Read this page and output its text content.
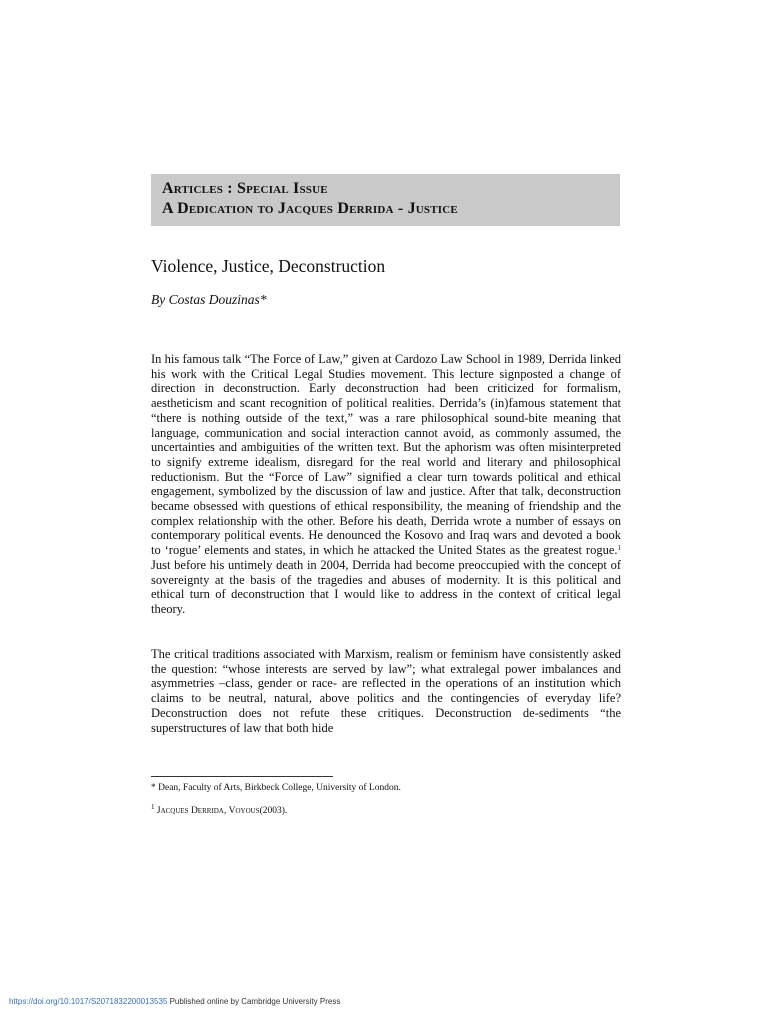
Articles : Special Issue
A Dedication to Jacques Derrida - Justice
Violence, Justice, Deconstruction
By Costas Douzinas*

In his famous talk “The Force of Law,” given at Cardozo Law School in 1989, Derrida linked his work with the Critical Legal Studies movement. This lecture signposted a change of direction in deconstruction. Early deconstruction had been criticized for formalism, aestheticism and scant recognition of political realities. Derrida’s (in)famous statement that “there is nothing outside of the text,” was a rare philosophical sound-bite meaning that language, communication and social interaction cannot avoid, as commonly assumed, the uncertainties and ambiguities of the written text. But the aphorism was often misinterpreted to signify extreme idealism, disregard for the real world and literary and philosophical reductionism. But the “Force of Law” signified a clear turn towards political and ethical engagement, symbolized by the discussion of law and justice. After that talk, deconstruction became obsessed with questions of ethical responsibility, the meaning of friendship and the complex relationship with the other. Before his death, Derrida wrote a number of essays on contemporary political events. He denounced the Kosovo and Iraq wars and devoted a book to ‘rogue’ elements and states, in which he attacked the United States as the greatest rogue.$^1$ Just before his untimely death in 2004, Derrida had become preoccupied with the concept of sovereignty at the basis of the tragedies and abuses of modernity. It is this political and ethical turn of deconstruction that I would like to address in the context of critical legal theory.

The critical traditions associated with Marxism, realism or feminism have consistently asked the question: “whose interests are served by law”; what extralegal power imbalances and asymmetries –class, gender or race- are reflected in the operations of an institution which claims to be neutral, natural, above politics and the contingencies of everyday life? Deconstruction does not refute these critiques. Deconstruction de-sediments “the superstructures of law that both hide

* Dean, Faculty of Arts, Birkbeck College, University of London.
$^1$ Jacques Derrida, Voyous(2003).
https://doi.org/10.1017/S2071832200013535 Published online by Cambridge University Press
